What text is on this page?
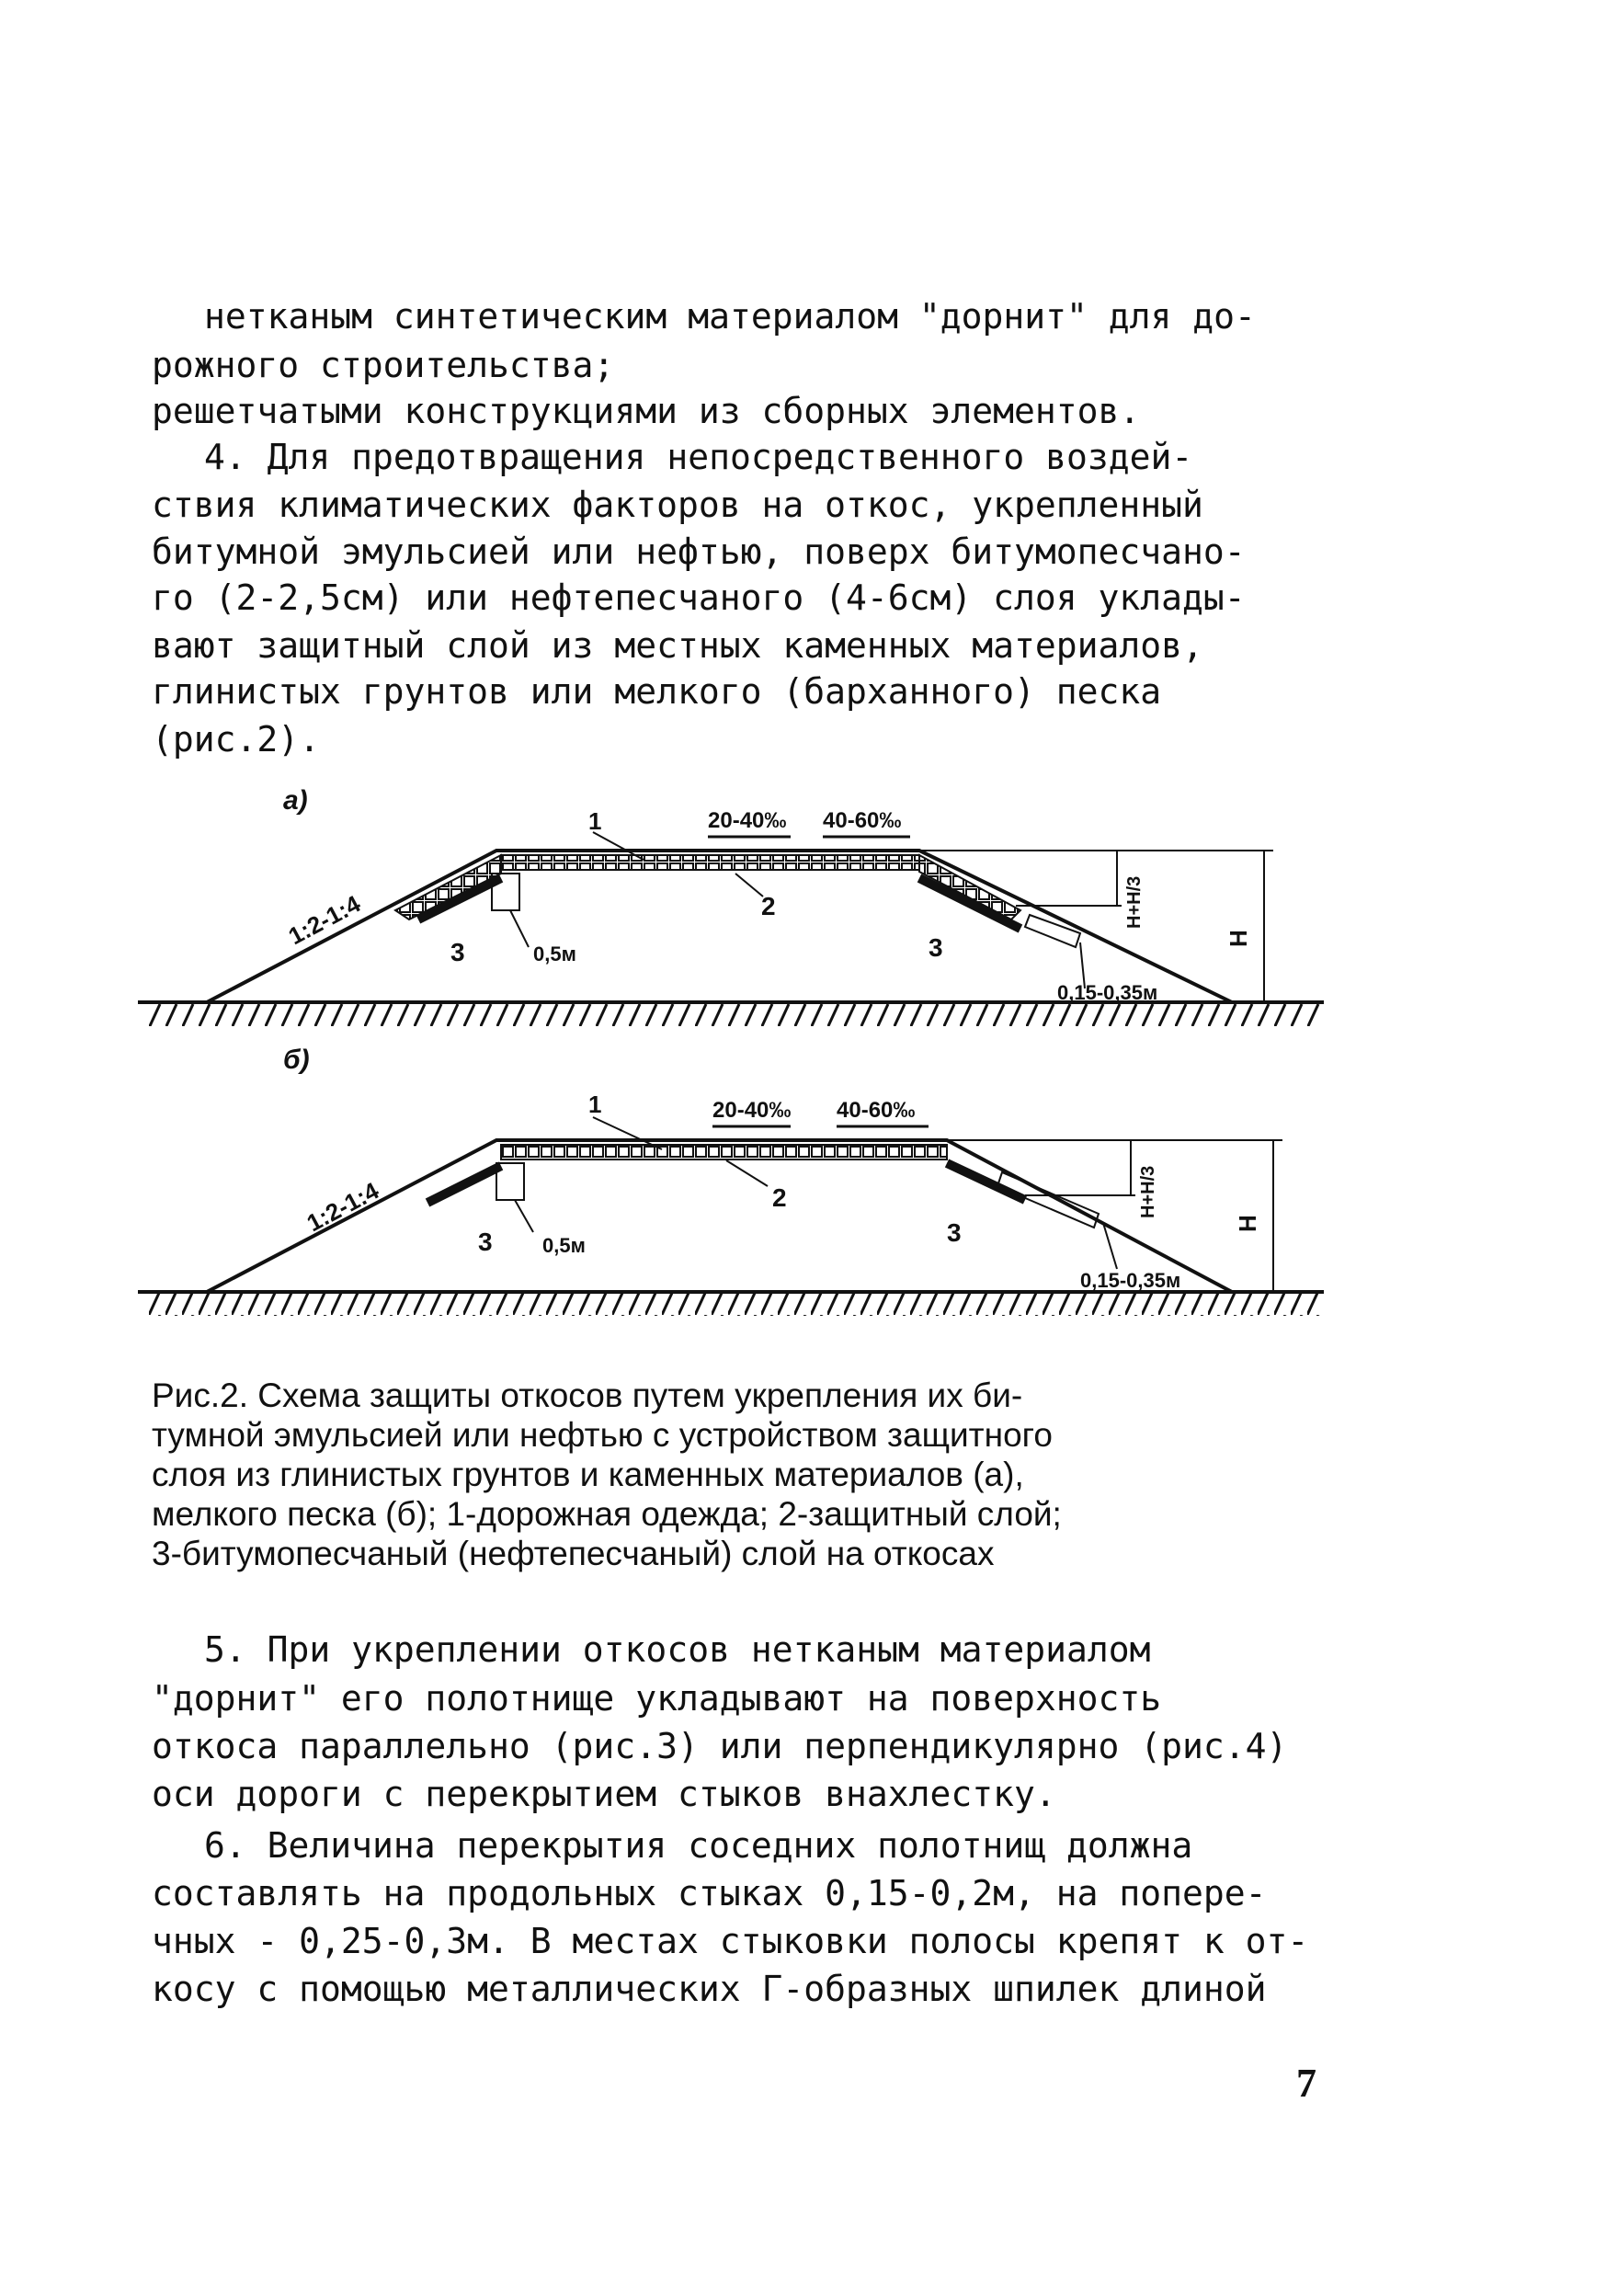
нетканым синтетическим материалом "дорнит" для до-
рожного строительства;
решетчатыми конструкциями из сборных элементов.
4. Для предотвращения непосредственного воздей-
ствия климатических факторов на откос, укрепленный
битумной эмульсией или нефтью, поверх битумопесчано-
го (2-2,5см) или нефтепесчаного (4-6см) слоя уклады-
вают защитный слой из местных каменных материалов,
глинистых грунтов или мелкого (барханного) песка
(рис.2).
а)
1
2
3	3
0,5м
1:2-1:4
20-40‰ 40-60‰
0,15-0,35м
Н
Н+Н/3
б)
1
2
3	3
0,5м
1:2-1:4
20-40‰ 40-60‰
0,15-0,35м
Н
Н+Н/3
Рис.2. Схема защиты откосов путем укрепления их би-
тумной эмульсией или нефтью с устройством защитного
слоя из глинистых грунтов и каменных материалов (а),
мелкого песка (б); 1-дорожная одежда; 2-защитный слой;
3-битумопесчаный (нефтепесчаный) слой на откосах
5. При укреплении откосов нетканым материалом
"дорнит" его полотнище укладывают на поверхность
откоса параллельно (рис.3) или перпендикулярно (рис.4)
оси дороги с перекрытием стыков внахлестку.
6. Величина перекрытия соседних полотнищ должна
составлять на продольных стыках 0,15-0,2м, на попере-
чных - 0,25-0,3м. В местах стыковки полосы крепят к от-
косу с помощью металлических Г-образных шпилек длиной
7
